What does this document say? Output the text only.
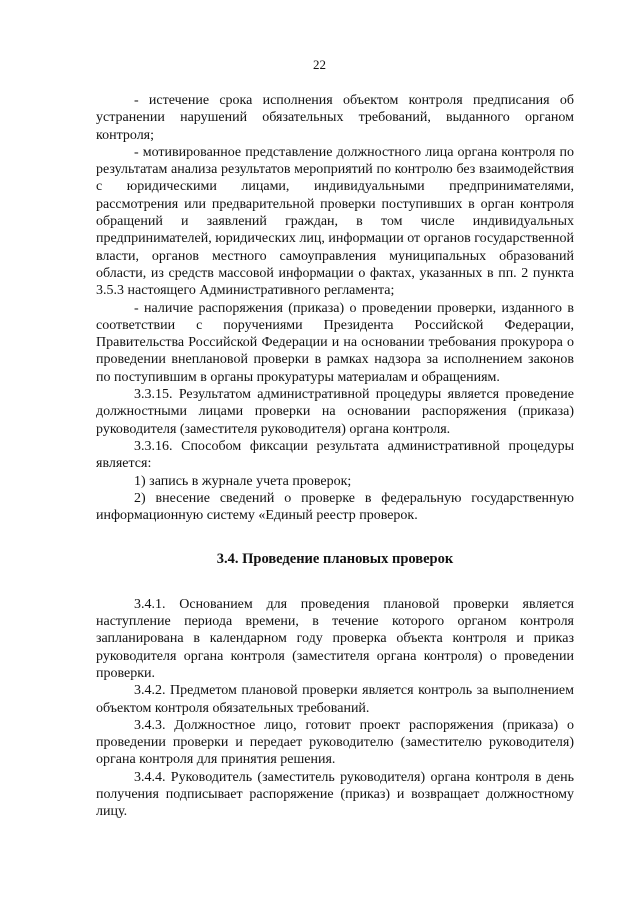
22

- истечение срока исполнения объектом контроля предписания об устранении нарушений обязательных требований, выданного органом контроля;

- мотивированное представление должностного лица органа контроля по результатам анализа результатов мероприятий по контролю без взаимодействия с юридическими лицами, индивидуальными предпринимателями, рассмотрения или предварительной проверки поступивших в орган контроля обращений и заявлений граждан, в том числе индивидуальных предпринимателей, юридических лиц, информации от органов государственной власти, органов местного самоуправления муниципальных образований области, из средств массовой информации о фактах, указанных в пп. 2 пункта 3.5.3 настоящего Административного регламента;

- наличие распоряжения (приказа) о проведении проверки, изданного в соответствии с поручениями Президента Российской Федерации, Правительства Российской Федерации и на основании требования прокурора о проведении внеплановой проверки в рамках надзора за исполнением законов по поступившим в органы прокуратуры материалам и обращениям.

3.3.15. Результатом административной процедуры является проведение должностными лицами проверки на основании распоряжения (приказа) руководителя (заместителя руководителя) органа контроля.

3.3.16. Способом фиксации результата административной процедуры является:

1) запись в журнале учета проверок;

2) внесение сведений о проверке в федеральную государственную информационную систему «Единый реестр проверок.

3.4. Проведение плановых проверок

3.4.1. Основанием для проведения плановой проверки является наступление периода времени, в течение которого органом контроля запланирована в календарном году проверка объекта контроля и приказ руководителя органа контроля (заместителя органа контроля) о проведении проверки.

3.4.2. Предметом плановой проверки является контроль за выполнением объектом контроля обязательных требований.

3.4.3. Должностное лицо, готовит проект распоряжения (приказа) о проведении проверки и передает руководителю (заместителю руководителя) органа контроля для принятия решения.

3.4.4. Руководитель (заместитель руководителя) органа контроля в день получения подписывает распоряжение (приказ) и возвращает должностному лицу.
